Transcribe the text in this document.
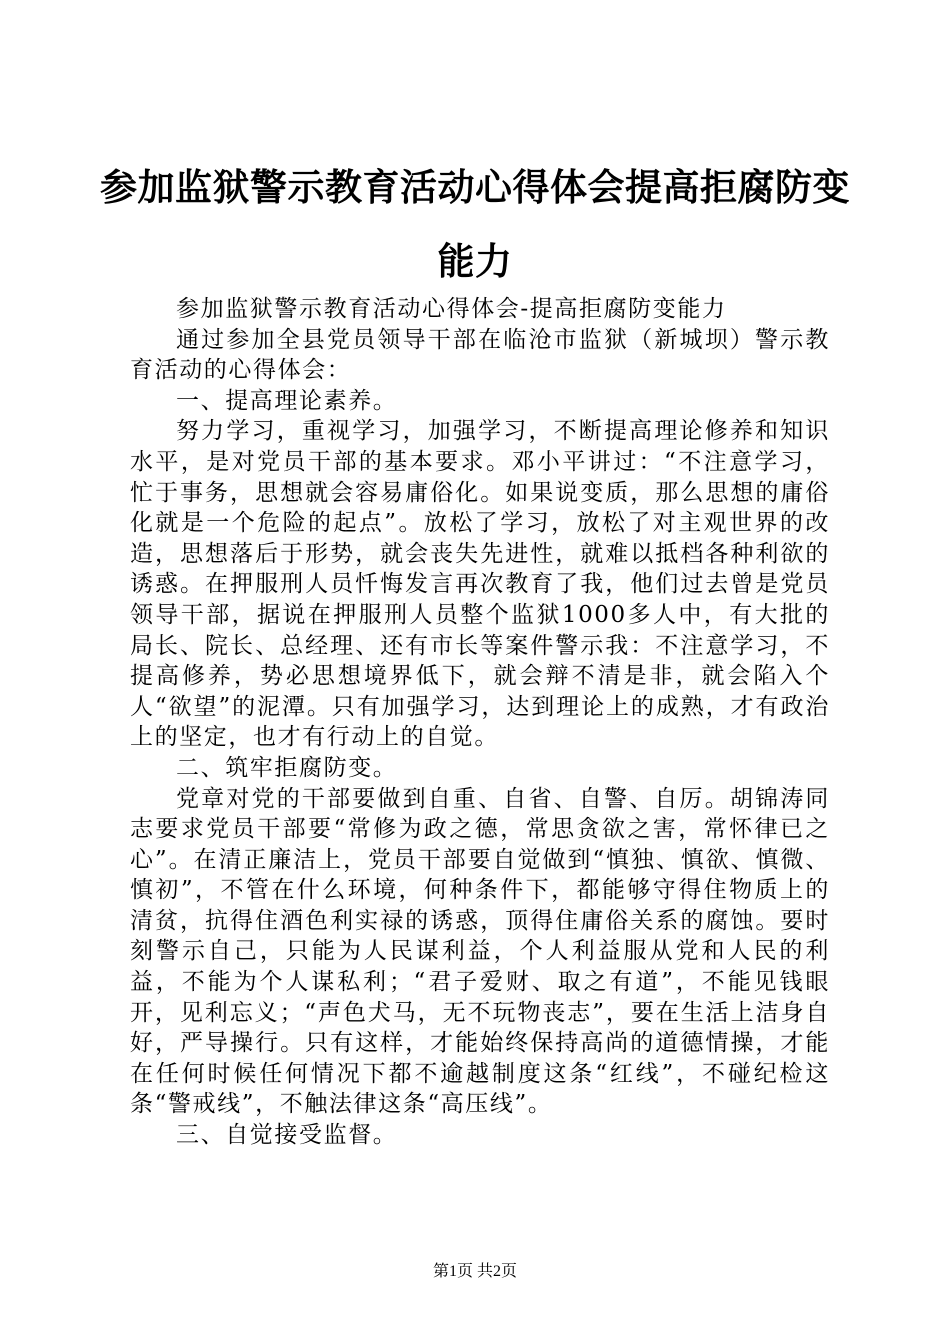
参加监狱警示教育活动心得体会提高拒腐防变能力

参加监狱警示教育活动心得体会-提高拒腐防变能力

通过参加全县党员领导干部在临沧市监狱（新城坝）警示教育活动的心得体会：

一、提高理论素养。

努力学习，重视学习，加强学习，不断提高理论修养和知识水平，是对党员干部的基本要求。邓小平讲过：“不注意学习，忙于事务，思想就会容易庸俗化。如果说变质，那么思想的庸俗化就是一个危险的起点”。放松了学习，放松了对主观世界的改造，思想落后于形势，就会丧失先进性，就难以抵档各种利欲的诱惑。在押服刑人员忏悔发言再次教育了我，他们过去曾是党员领导干部，据说在押服刑人员整个监狱1000多人中，有大批的局长、院长、总经理、还有市长等案件警示我：不注意学习，不提高修养，势必思想境界低下，就会辩不清是非，就会陷入个人“欲望”的泥潭。只有加强学习，达到理论上的成熟，才有政治上的坚定，也才有行动上的自觉。

二、筑牢拒腐防变。

党章对党的干部要做到自重、自省、自警、自厉。胡锦涛同志要求党员干部要“常修为政之德，常思贪欲之害，常怀律已之心”。在清正廉洁上，党员干部要自觉做到“慎独、慎欲、慎微、慎初”，不管在什么环境，何种条件下，都能够守得住物质上的清贫，抗得住酒色利实禄的诱惑，顶得住庸俗关系的腐蚀。要时刻警示自己，只能为人民谋利益，个人利益服从党和人民的利益，不能为个人谋私利；“君子爱财、取之有道”，不能见钱眼开，见利忘义；“声色犬马，无不玩物丧志”，要在生活上洁身自好，严导操行。只有这样，才能始终保持高尚的道德情操，才能在任何时候任何情况下都不逾越制度这条“红线”，不碰纪检这条“警戒线”，不触法律这条“高压线”。

三、自觉接受监督。

第1页 共2页
